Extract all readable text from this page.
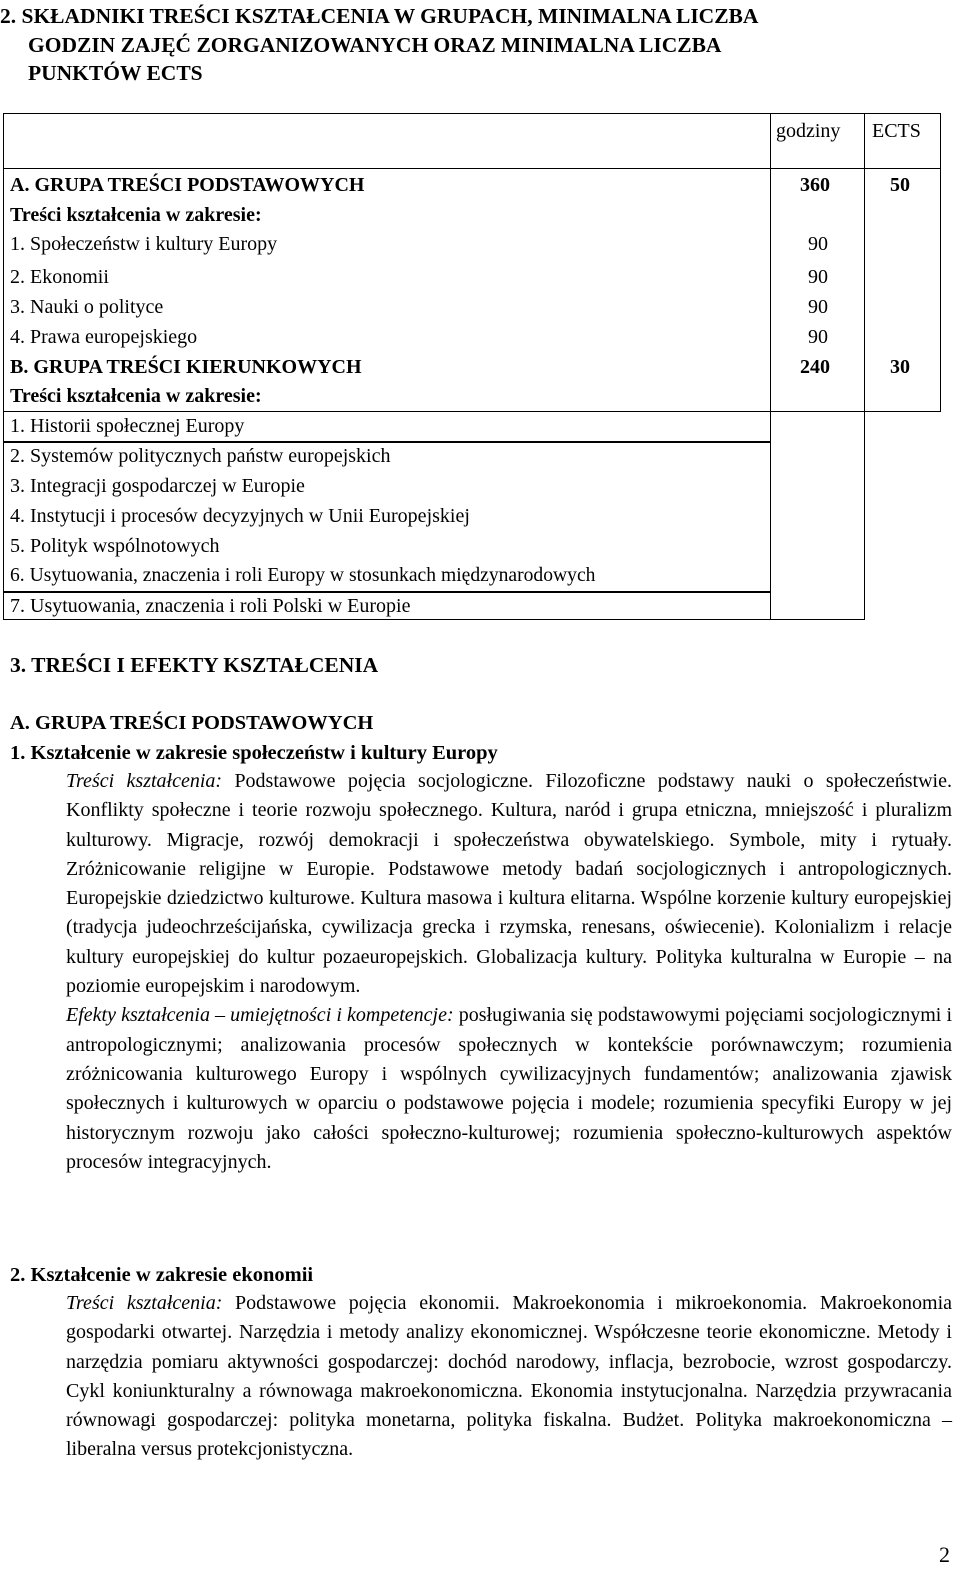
2. SKŁADNIKI TREŚCI KSZTAŁCENIA W GRUPACH, MINIMALNA LICZBA
GODZIN ZAJĘĆ ZORGANIZOWANYCH ORAZ MINIMALNA LICZBA
PUNKTÓW ECTS
godziny ECTS
A. GRUPA TREŚCI PODSTAWOWYCH	360	50
Treści kształcenia w zakresie:
1. Społeczeństw i kultury Europy	90
2. Ekonomii	90
3. Nauki o polityce	90
4. Prawa europejskiego	90
B. GRUPA TREŚCI KIERUNKOWYCH	240	30
Treści kształcenia w zakresie:
1. Historii społecznej Europy
2. Systemów politycznych państw europejskich
3. Integracji gospodarczej w Europie
4. Instytucji i procesów decyzyjnych w Unii Europejskiej
5. Polityk wspólnotowych
6. Usytuowania, znaczenia i roli Europy w stosunkach międzynarodowych
7. Usytuowania, znaczenia i roli Polski w Europie
3. TREŚCI I EFEKTY KSZTAŁCENIA
A. GRUPA TREŚCI PODSTAWOWYCH
1. Kształcenie w zakresie społeczeństw i kultury Europy

Treści kształcenia: Podstawowe pojęcia socjologiczne. Filozoficzne podstawy nauki o społeczeństwie. Konflikty społeczne i teorie rozwoju społecznego. Kultura, naród i grupa etniczna, mniejszość i pluralizm kulturowy. Migracje, rozwój demokracji i społeczeństwa obywatelskiego. Symbole, mity i rytuały. Zróżnicowanie religijne w Europie. Podstawowe metody badań socjologicznych i antropologicznych. Europejskie dziedzictwo kulturowe. Kultura masowa i kultura elitarna. Wspólne korzenie kultury europejskiej (tradycja judeochrześcijańska, cywilizacja grecka i rzymska, renesans, oświecenie). Kolonializm i relacje kultury europejskiej do kultur pozaeuropejskich. Globalizacja kultury. Polityka kulturalna w Europie – na poziomie europejskim i narodowym.

Efekty kształcenia – umiejętności i kompetencje: posługiwania się podstawowymi pojęciami socjologicznymi i antropologicznymi; analizowania procesów społecznych w kontekście porównawczym; rozumienia zróżnicowania kulturowego Europy i wspólnych cywilizacyjnych fundamentów; analizowania zjawisk społecznych i kulturowych w oparciu o podstawowe pojęcia i modele; rozumienia specyfiki Europy w jej historycznym rozwoju jako całości społeczno-kulturowej; rozumienia społeczno-kulturowych aspektów procesów integracyjnych.

2. Kształcenie w zakresie ekonomii

Treści kształcenia: Podstawowe pojęcia ekonomii. Makroekonomia i mikroekonomia. Makroekonomia gospodarki otwartej. Narzędzia i metody analizy ekonomicznej. Współczesne teorie ekonomiczne. Metody i narzędzia pomiaru aktywności gospodarczej: dochód narodowy, inflacja, bezrobocie, wzrost gospodarczy. Cykl koniunkturalny a równowaga makroekonomiczna. Ekonomia instytucjonalna. Narzędzia przywracania równowagi gospodarczej: polityka monetarna, polityka fiskalna. Budżet. Polityka makroekonomiczna – liberalna versus protekcjonistyczna.

2
